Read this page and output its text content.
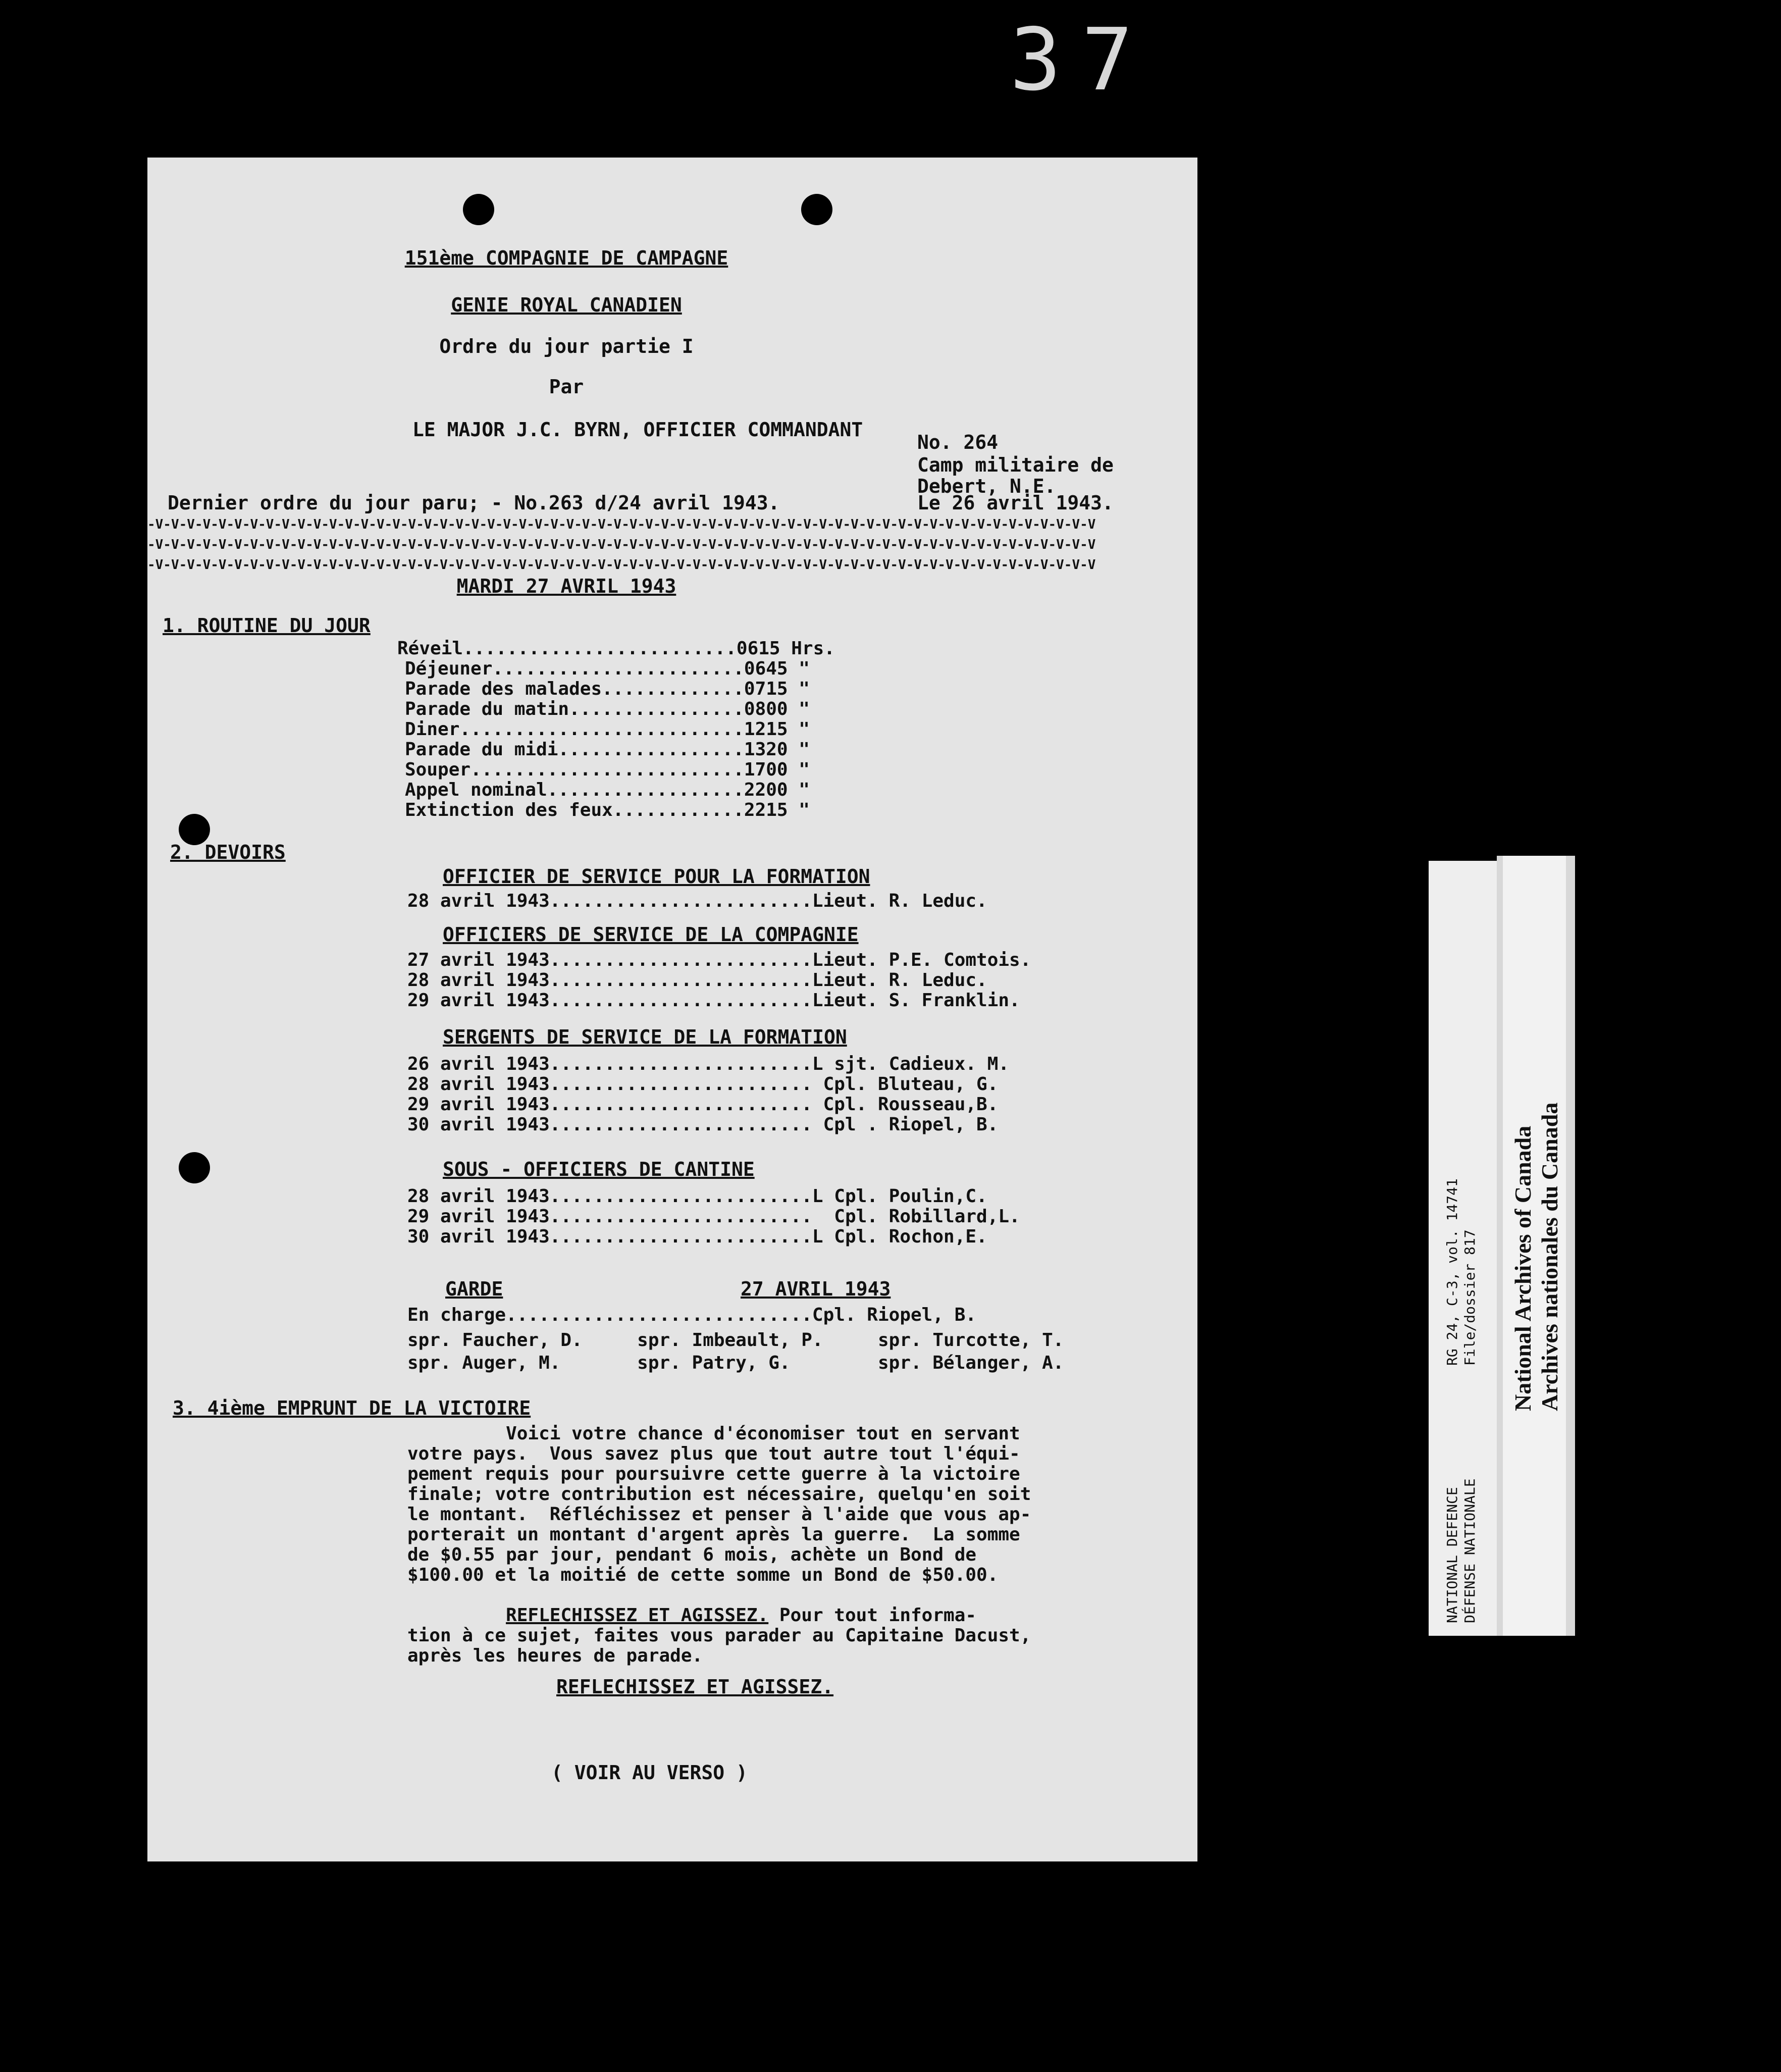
37
151ème COMPAGNIE DE CAMPAGNE
GENIE ROYAL CANADIEN
Ordre du jour partie I
Par
LE MAJOR J.C. BYRN, OFFICIER COMMANDANT
No. 264
Camp militaire de
Debert, N.E.
Dernier ordre du jour paru; - No.263 d/24 avril 1943.	Le 26 avril 1943.
-V-V-V-V-V-V-V-V-V-V-V-V-V-V-V-V-V-V-V-V-V-V-V-V-V-V-V-V-V-V-V-V-V-V-V-V-V-V-V-V-V-V-V-V-V-V-V-V-V-V-V-V-V-V-V-V-V-V-V-V
-V-V-V-V-V-V-V-V-V-V-V-V-V-V-V-V-V-V-V-V-V-V-V-V-V-V-V-V-V-V-V-V-V-V-V-V-V-V-V-V-V-V-V-V-V-V-V-V-V-V-V-V-V-V-V-V-V-V-V-V
-V-V-V-V-V-V-V-V-V-V-V-V-V-V-V-V-V-V-V-V-V-V-V-V-V-V-V-V-V-V-V-V-V-V-V-V-V-V-V-V-V-V-V-V-V-V-V-V-V-V-V-V-V-V-V-V-V-V-V-V
MARDI 27 AVRIL 1943
1. ROUTINE DU JOUR
Réveil.........................0615 Hrs.
Déjeuner.......................0645 "
Parade des malades.............0715 "
Parade du matin................0800 "
Diner..........................1215 "
Parade du midi.................1320 "
Souper.........................1700 "
Appel nominal..................2200 "
Extinction des feux............2215 "
2. DEVOIRS
OFFICIER DE SERVICE POUR LA FORMATION
28 avril 1943........................Lieut. R. Leduc.
OFFICIERS DE SERVICE DE LA COMPAGNIE
27 avril 1943........................Lieut. P.E. Comtois.
28 avril 1943........................Lieut. R. Leduc.
29 avril 1943........................Lieut. S. Franklin.
SERGENTS DE SERVICE DE LA FORMATION
26 avril 1943........................L sjt. Cadieux. M.
28 avril 1943........................ Cpl. Bluteau, G.
29 avril 1943........................ Cpl. Rousseau,B.
30 avril 1943........................ Cpl . Riopel, B.
SOUS - OFFICIERS DE CANTINE
28 avril 1943........................L Cpl. Poulin,C.
29 avril 1943........................  Cpl. Robillard,L.
30 avril 1943........................L Cpl. Rochon,E.
GARDE	27 AVRIL 1943
En charge............................Cpl. Riopel, B.
spr. Faucher, D.     spr. Imbeault, P.     spr. Turcotte, T.
spr. Auger, M.       spr. Patry, G.        spr. Bélanger, A.
3. 4ième EMPRUNT DE LA VICTOIRE
Voici votre chance d'économiser tout en servant
votre pays.  Vous savez plus que tout autre tout l'équi-
pement requis pour poursuivre cette guerre à la victoire
finale; votre contribution est nécessaire, quelqu'en soit
le montant.  Réfléchissez et penser à l'aide que vous ap-
porterait un montant d'argent après la guerre.  La somme
de $0.55 par jour, pendant 6 mois, achète un Bond de
$100.00 et la moitié de cette somme un Bond de $50.00.
REFLECHISSEZ ET AGISSEZ. Pour tout informa-
tion à ce sujet, faites vous parader au Capitaine Dacust,
après les heures de parade.
REFLECHISSEZ ET AGISSEZ.
( VOIR AU VERSO )
RG 24, C-3, vol. 14741 File/dossier 817
NATIONAL DEFENCE DÉFENSE NATIONALE
National Archives of Canada Archives nationales du Canada
